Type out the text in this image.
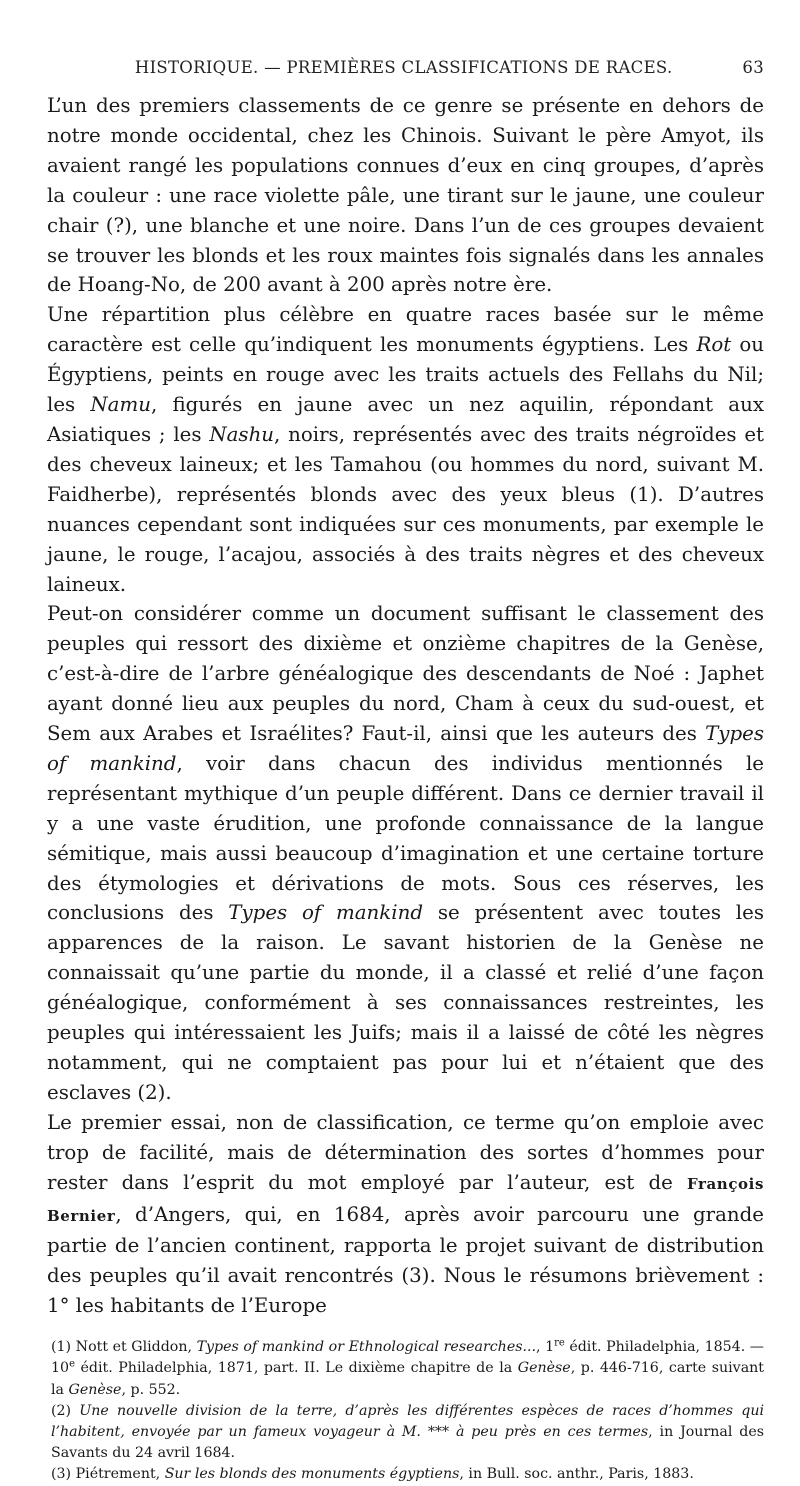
HISTORIQUE. — PREMIÈRES CLASSIFICATIONS DE RACES.	63

L’un des premiers classements de ce genre se présente en dehors de notre monde occidental, chez les Chinois. Suivant le père Amyot, ils avaient rangé les populations connues d’eux en cinq groupes, d’après la couleur : une race violette pâle, une tirant sur le jaune, une couleur chair (?), une blanche et une noire. Dans l’un de ces groupes devaient se trouver les blonds et les roux maintes fois signalés dans les annales de Hoang-No, de 200 avant à 200 après notre ère.

Une répartition plus célèbre en quatre races basée sur le même caractère est celle qu’indiquent les monuments égyptiens. Les Rot ou Égyptiens, peints en rouge avec les traits actuels des Fellahs du Nil; les Namu, figurés en jaune avec un nez aquilin, répondant aux Asiatiques ; les Nashu, noirs, représentés avec des traits négroïdes et des cheveux laineux; et les Tamahou (ou hommes du nord, suivant M. Faidherbe), représentés blonds avec des yeux bleus (1). D’autres nuances cependant sont indiquées sur ces monuments, par exemple le jaune, le rouge, l’acajou, associés à des traits nègres et des cheveux laineux.

Peut-on considérer comme un document suffisant le classement des peuples qui ressort des dixième et onzième chapitres de la Genèse, c’est-à-dire de l’arbre généalogique des descendants de Noé : Japhet ayant donné lieu aux peuples du nord, Cham à ceux du sud-ouest, et Sem aux Arabes et Israélites? Faut-il, ainsi que les auteurs des Types of mankind, voir dans chacun des individus mentionnés le représentant mythique d’un peuple différent. Dans ce dernier travail il y a une vaste érudition, une profonde connaissance de la langue sémitique, mais aussi beaucoup d’imagination et une certaine torture des étymologies et dérivations de mots. Sous ces réserves, les conclusions des Types of mankind se présentent avec toutes les apparences de la raison. Le savant historien de la Genèse ne connaissait qu’une partie du monde, il a classé et relié d’une façon généalogique, conformément à ses connaissances restreintes, les peuples qui intéressaient les Juifs; mais il a laissé de côté les nègres notamment, qui ne comptaient pas pour lui et n’étaient que des esclaves (2).

Le premier essai, non de classification, ce terme qu’on emploie avec trop de facilité, mais de détermination des sortes d’hommes pour rester dans l’esprit du mot employé par l’auteur, est de François Bernier, d’Angers, qui, en 1684, après avoir parcouru une grande partie de l’ancien continent, rapporta le projet suivant de distribution des peuples qu’il avait rencontrés (3). Nous le résumons brièvement : 1° les habitants de l’Europe

(1) Nott et Gliddon, Types of mankind or Ethnological researches..., 1re édit. Philadelphia, 1854. — 10e édit. Philadelphia, 1871, part. II. Le dixième chapitre de la Genèse, p. 446-716, carte suivant la Genèse, p. 552.

(2) Une nouvelle division de la terre, d’après les différentes espèces de races d’hommes qui l’habitent, envoyée par un fameux voyageur à M. *** à peu près en ces termes, in Journal des Savants du 24 avril 1684.

(3) Piétrement, Sur les blonds des monuments égyptiens, in Bull. soc. anthr., Paris, 1883.
